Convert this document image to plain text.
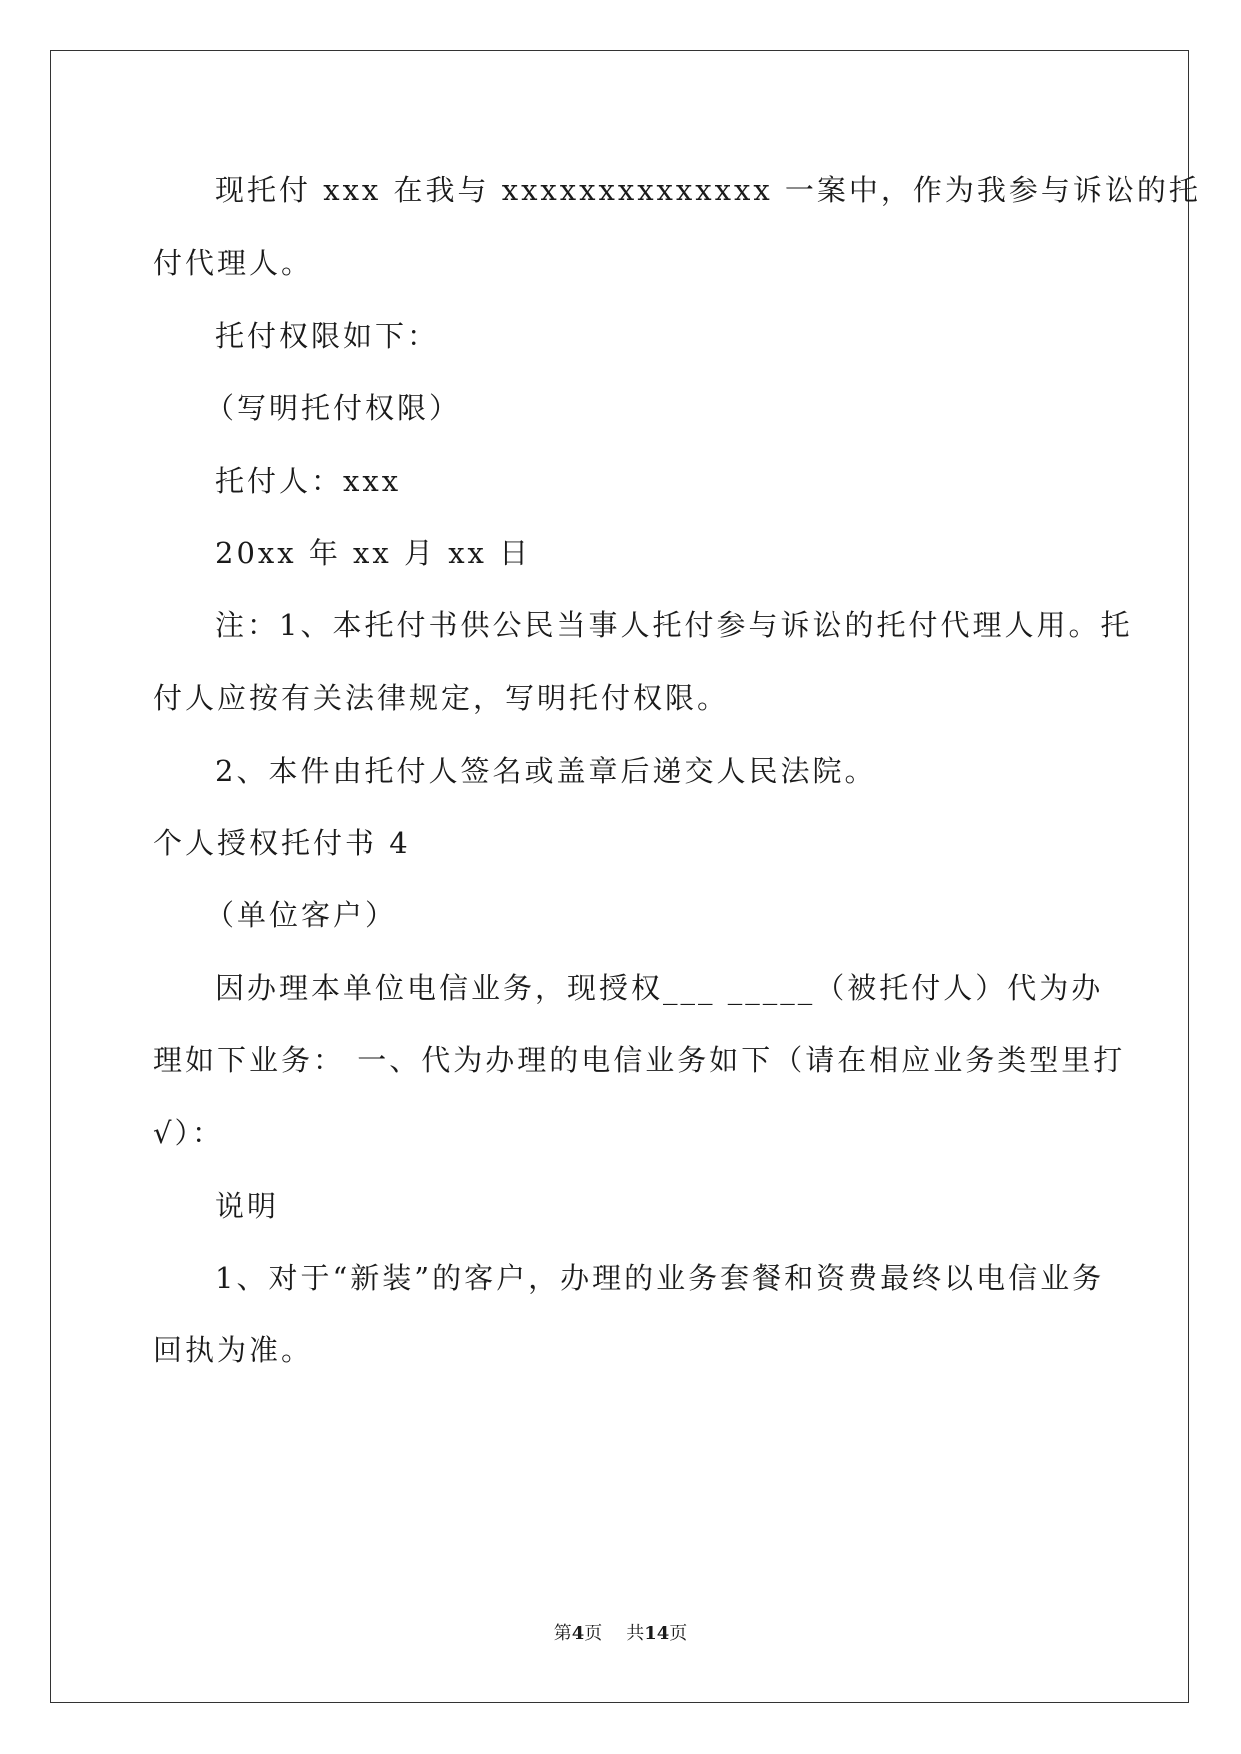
现托付 xxx 在我与 xxxxxxxxxxxxxx 一案中，作为我参与诉讼的托
付代理人。
托付权限如下：
（写明托付权限）
托付人：xxx
20xx 年 xx 月 xx 日
注：1、本托付书供公民当事人托付参与诉讼的托付代理人用。托
付人应按有关法律规定，写明托付权限。
2、本件由托付人签名或盖章后递交人民法院。
个人授权托付书 4
（单位客户）
因办理本单位电信业务，现授权___ _____（被托付人）代为办
理如下业务： 一、代为办理的电信业务如下（请在相应业务类型里打
√）：
说明
1、对于“新装”的客户，办理的业务套餐和资费最终以电信业务
回执为准。
第4页 共14页
